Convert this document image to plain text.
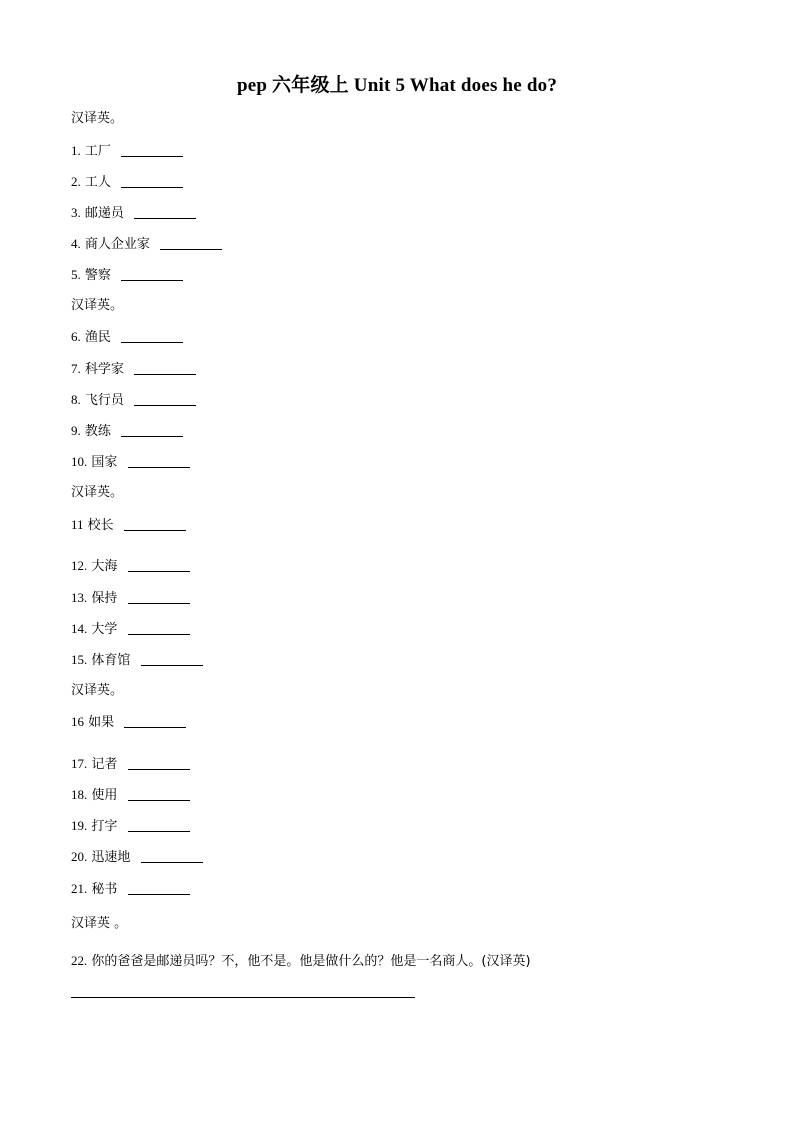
pep 六年级上 Unit 5 What does he do?
汉译英。
1. 工厂
2. 工人
3. 邮递员
4. 商人企业家
5. 警察
汉译英。
6. 渔民
7. 科学家
8. 飞行员
9. 教练
10. 国家
汉译英。
11 校长
12. 大海
13. 保持
14. 大学
15. 体育馆
汉译英。
16 如果
17. 记者
18. 使用
19. 打字
20. 迅速地
21. 秘书
汉译英 。
22. 你的爸爸是邮递员吗？不，他不是。他是做什么的？他是一名商人。(汉译英)
